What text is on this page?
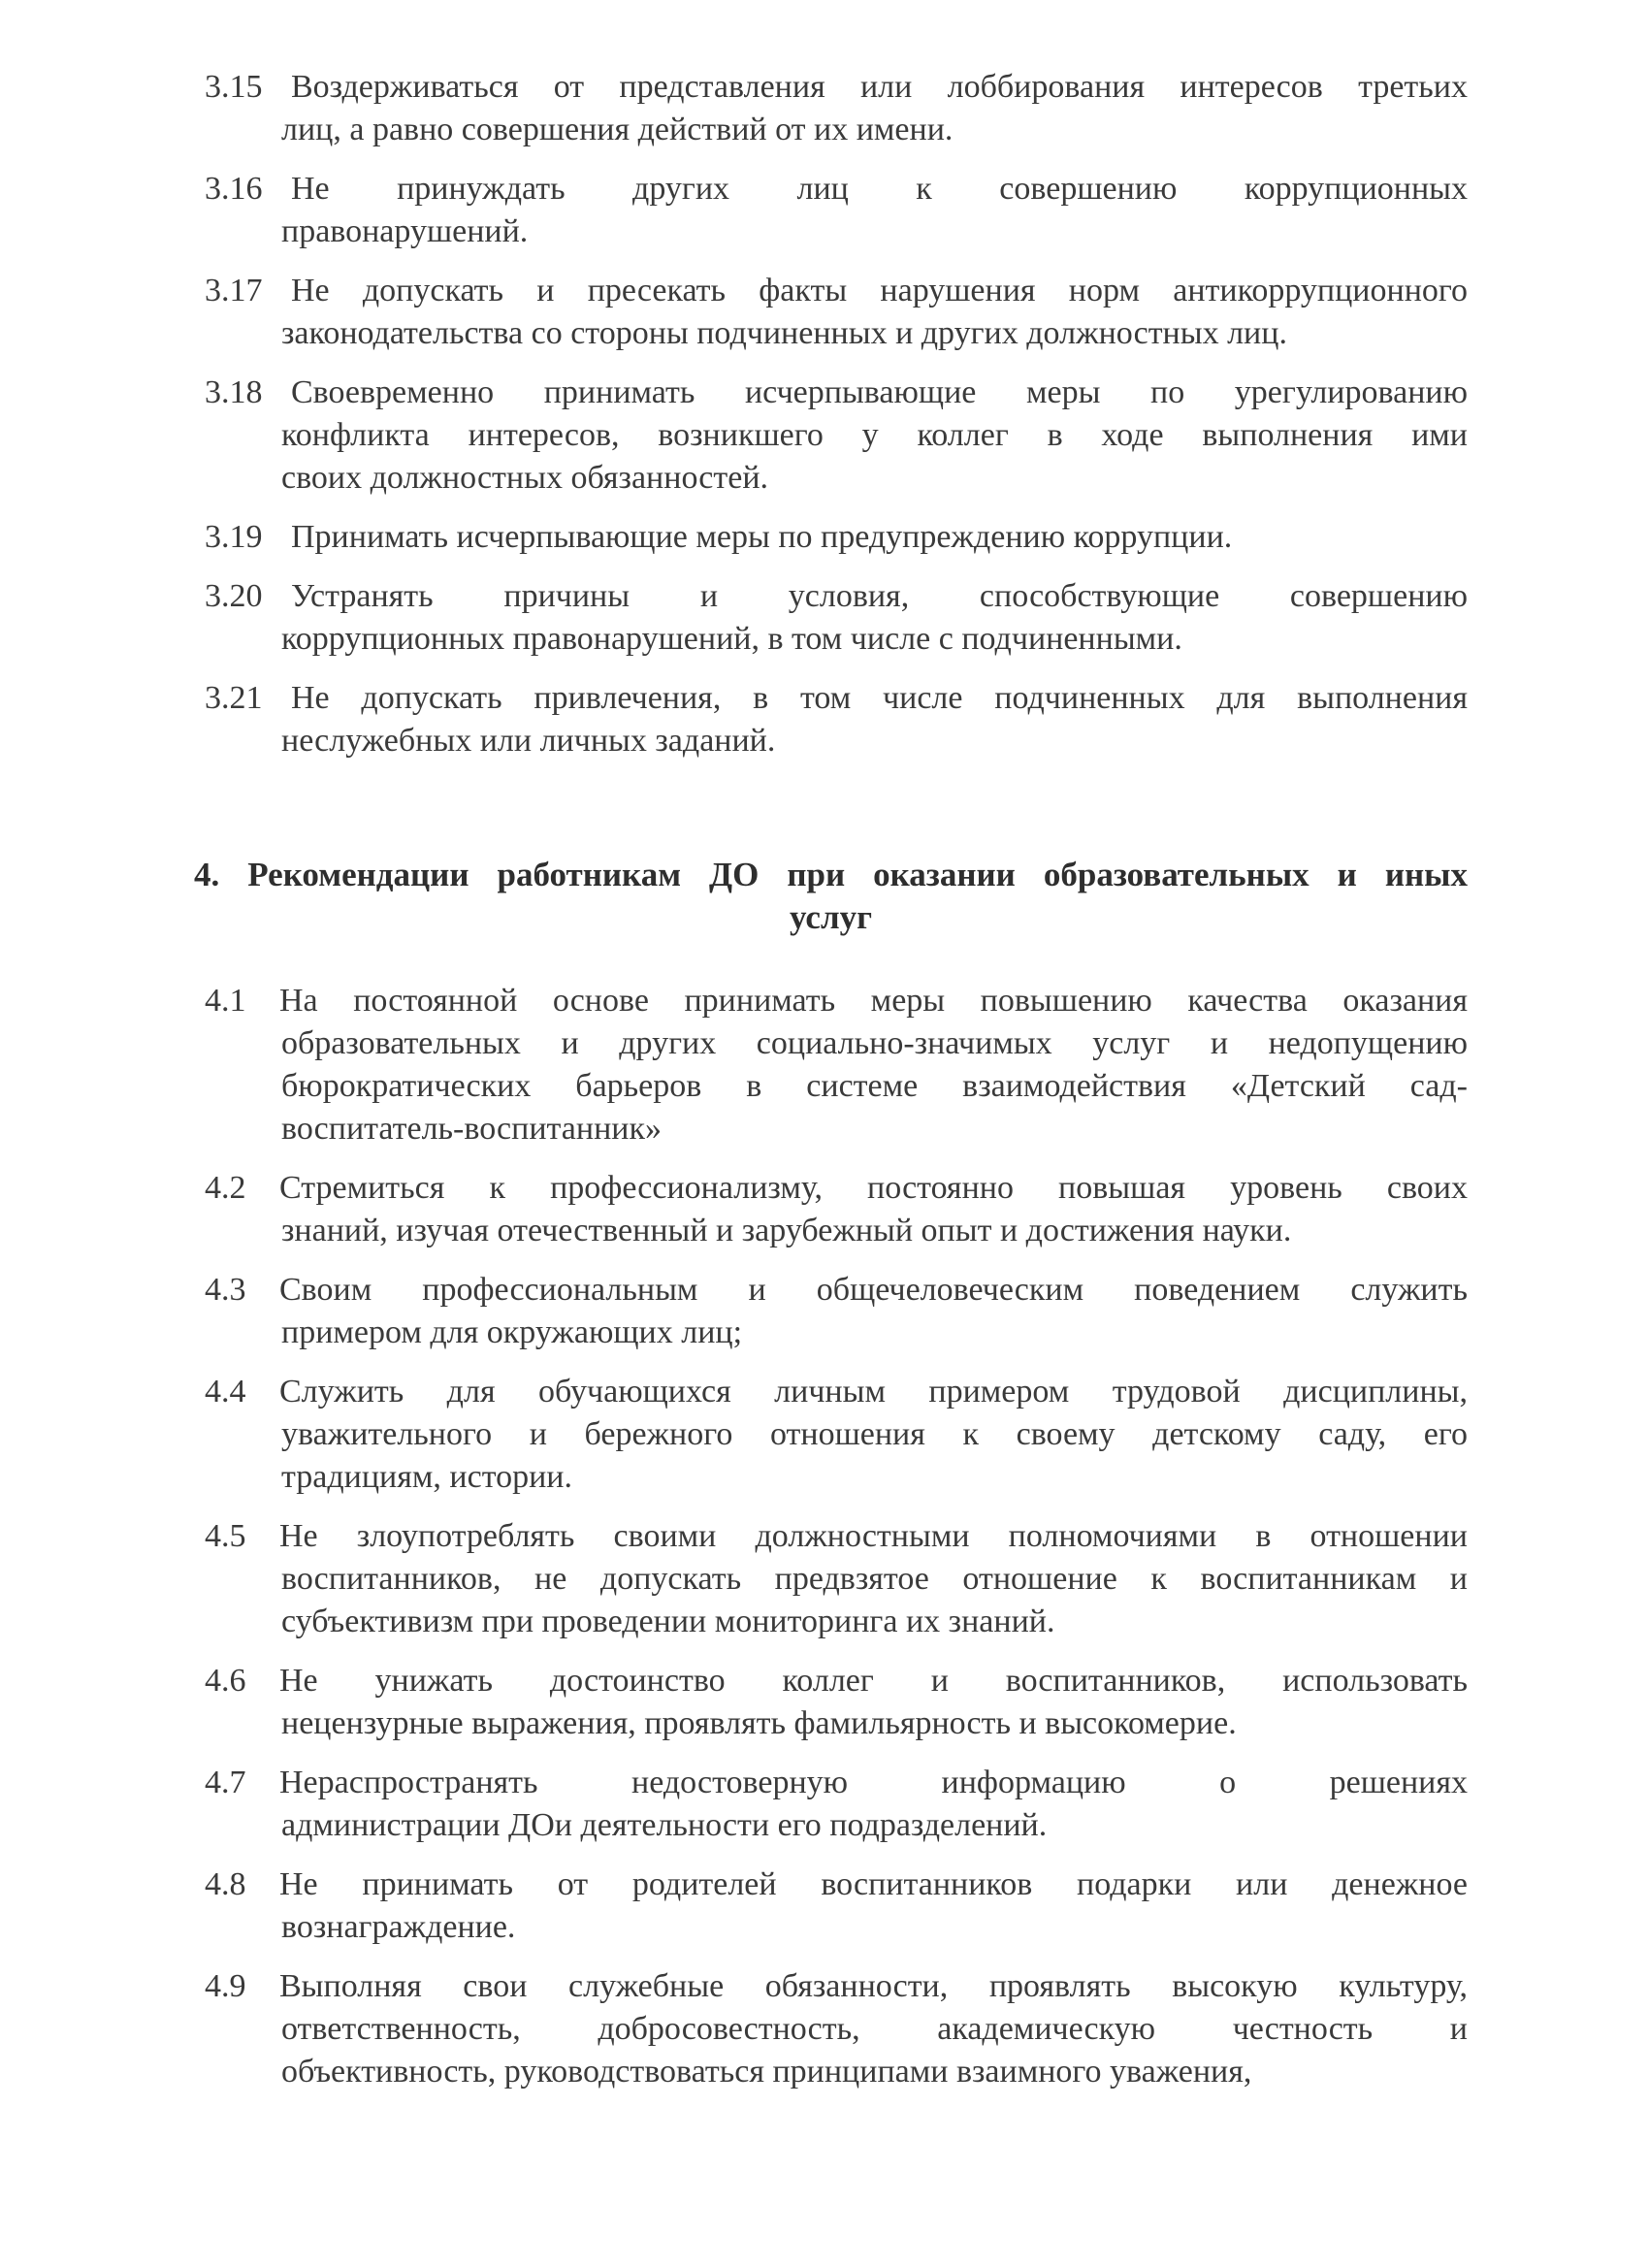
3.15 Воздерживаться от представления или лоббирования интересов третьих
лиц, а равно совершения действий от их имени.
3.16 Не принуждать других лиц к совершению коррупционных
правонарушений.
3.17 Не допускать и пресекать факты нарушения норм антикоррупционного
законодательства со стороны подчиненных и других должностных лиц.
3.18 Своевременно принимать исчерпывающие меры по урегулированию
конфликта интересов, возникшего у коллег в ходе выполнения ими
своих должностных обязанностей.
3.19 Принимать исчерпывающие меры по предупреждению коррупции.
3.20 Устранять причины и условия, способствующие совершению
коррупционных правонарушений, в том числе с подчиненными.
3.21 Не допускать привлечения, в том числе подчиненных для выполнения
неслужебных или личных заданий.
4. Рекомендации работникам ДО при оказании образовательных и иных
услуг
4.1 На постоянной основе принимать меры повышению качества оказания
образовательных и других социально-значимых услуг и недопущению
бюрократических барьеров в системе взаимодействия «Детский сад-
воспитатель-воспитанник»
4.2 Стремиться к профессионализму, постоянно повышая уровень своих
знаний, изучая отечественный и зарубежный опыт и достижения науки.
4.3 Своим профессиональным и общечеловеческим поведением служить
примером для окружающих лиц;
4.4 Служить для обучающихся личным примером трудовой дисциплины,
уважительного и бережного отношения к своему детскому саду, его
традициям, истории.
4.5 Не злоупотреблять своими должностными полномочиями в отношении
воспитанников, не допускать предвзятое отношение к воспитанникам и
субъективизм при проведении мониторинга их знаний.
4.6 Не унижать достоинство коллег и воспитанников, использовать
нецензурные выражения, проявлять фамильярность и высокомерие.
4.7 Нераспространять недостоверную информацию о решениях
администрации ДОи деятельности его подразделений.
4.8 Не принимать от родителей воспитанников подарки или денежное
вознаграждение.
4.9 Выполняя свои служебные обязанности, проявлять высокую культуру,
ответственность, добросовестность, академическую честность и
объективность, руководствоваться принципами взаимного уважения,
